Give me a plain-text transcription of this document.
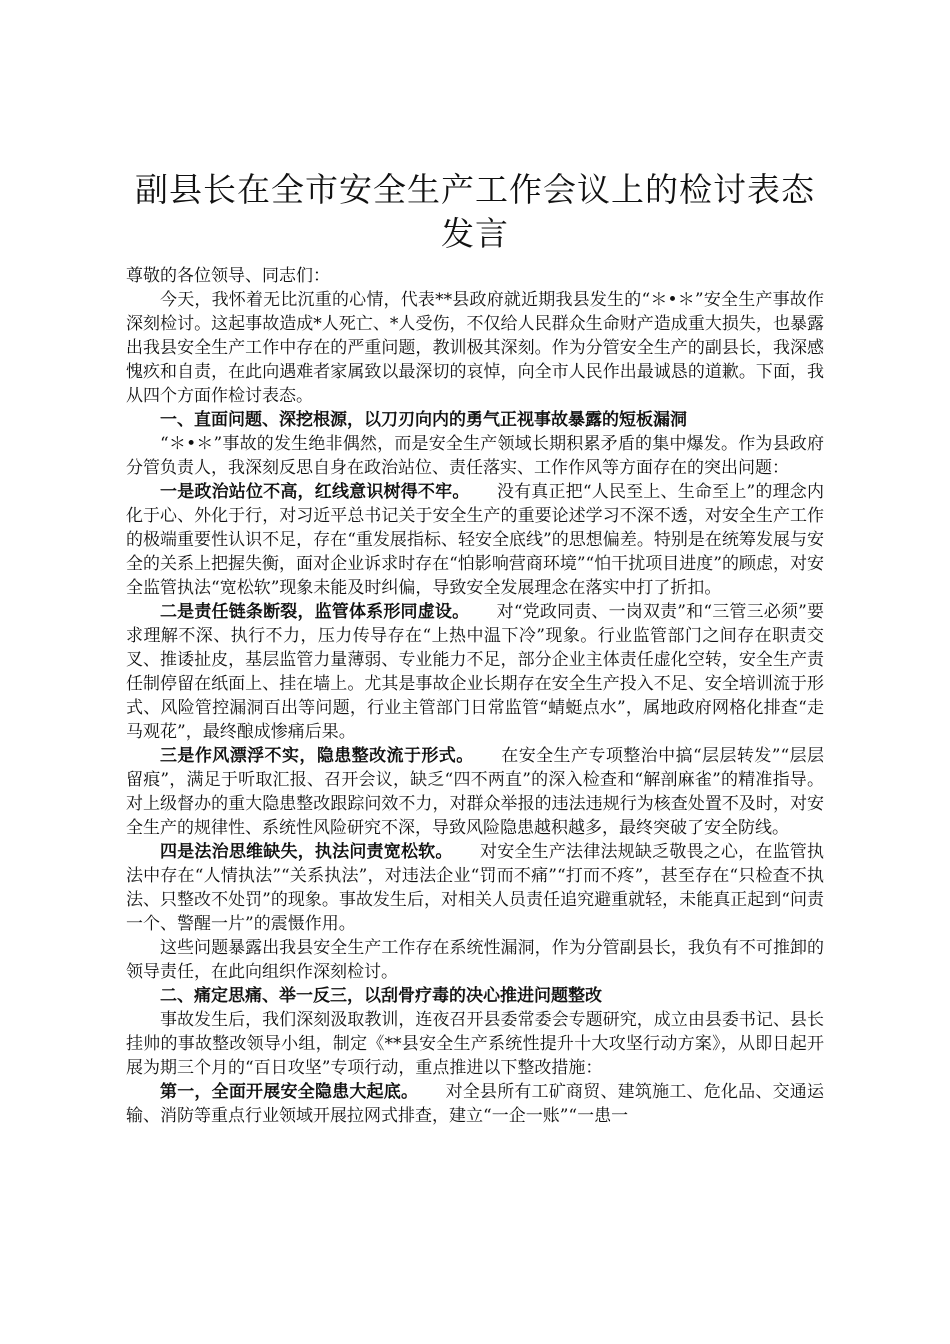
副县长在全市安全生产工作会议上的检讨表态发言

尊敬的各位领导、同志们：

今天，我怀着无比沉重的心情，代表**县政府就近期我县发生的“＊•＊”安全生产事故作深刻检讨。这起事故造成*人死亡、*人受伤，不仅给人民群众生命财产造成重大损失，也暴露出我县安全生产工作中存在的严重问题，教训极其深刻。作为分管安全生产的副县长，我深感愧疚和自责，在此向遇难者家属致以最深切的哀悼，向全市人民作出最诚恳的道歉。下面，我从四个方面作检讨表态。

一、直面问题、深挖根源，以刀刃向内的勇气正视事故暴露的短板漏洞

“＊•＊”事故的发生绝非偶然，而是安全生产领域长期积累矛盾的集中爆发。作为县政府分管负责人，我深刻反思自身在政治站位、责任落实、工作作风等方面存在的突出问题：

一是政治站位不高，红线意识树得不牢。 没有真正把“人民至上、生命至上”的理念内化于心、外化于行，对习近平总书记关于安全生产的重要论述学习不深不透，对安全生产工作的极端重要性认识不足，存在“重发展指标、轻安全底线”的思想偏差。特别是在统筹发展与安全的关系上把握失衡，面对企业诉求时存在“怕影响营商环境”“怕干扰项目进度”的顾虑，对安全监管执法“宽松软”现象未能及时纠偏，导致安全发展理念在落实中打了折扣。

二是责任链条断裂，监管体系形同虚设。 对“党政同责、一岗双责”和“三管三必须”要求理解不深、执行不力，压力传导存在“上热中温下冷”现象。行业监管部门之间存在职责交叉、推诿扯皮，基层监管力量薄弱、专业能力不足，部分企业主体责任虚化空转，安全生产责任制停留在纸面上、挂在墙上。尤其是事故企业长期存在安全生产投入不足、安全培训流于形式、风险管控漏洞百出等问题，行业主管部门日常监管“蜻蜓点水”，属地政府网格化排查“走马观花”，最终酿成惨痛后果。

三是作风漂浮不实，隐患整改流于形式。 在安全生产专项整治中搞“层层转发”“层层留痕”，满足于听取汇报、召开会议，缺乏“四不两直”的深入检查和“解剖麻雀”的精准指导。对上级督办的重大隐患整改跟踪问效不力，对群众举报的违法违规行为核查处置不及时，对安全生产的规律性、系统性风险研究不深，导致风险隐患越积越多，最终突破了安全防线。

四是法治思维缺失，执法问责宽松软。 对安全生产法律法规缺乏敬畏之心，在监管执法中存在“人情执法”“关系执法”，对违法企业“罚而不痛”“打而不疼”，甚至存在“只检查不执法、只整改不处罚”的现象。事故发生后，对相关人员责任追究避重就轻，未能真正起到“问责一个、警醒一片”的震慑作用。

这些问题暴露出我县安全生产工作存在系统性漏洞，作为分管副县长，我负有不可推卸的领导责任，在此向组织作深刻检讨。

二、痛定思痛、举一反三，以刮骨疗毒的决心推进问题整改

事故发生后，我们深刻汲取教训，连夜召开县委常委会专题研究，成立由县委书记、县长挂帅的事故整改领导小组，制定《**县安全生产系统性提升十大攻坚行动方案》，从即日起开展为期三个月的“百日攻坚”专项行动，重点推进以下整改措施：

第一，全面开展安全隐患大起底。 对全县所有工矿商贸、建筑施工、危化品、交通运输、消防等重点行业领域开展拉网式排查，建立“一企一账”“一患一
